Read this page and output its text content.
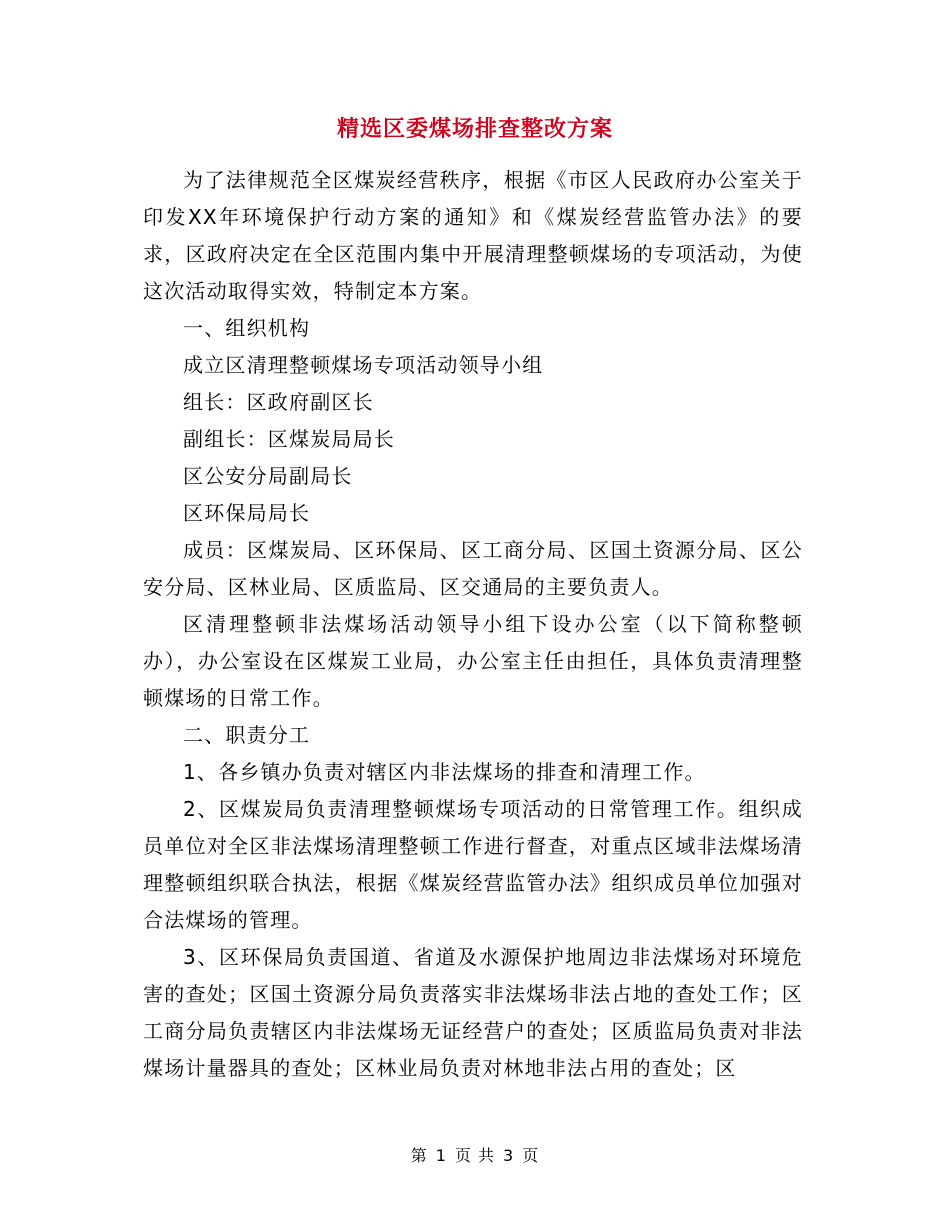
精选区委煤场排查整改方案

为了法律规范全区煤炭经营秩序，根据《市区人民政府办公室关于印发XX年环境保护行动方案的通知》和《煤炭经营监管办法》的要求，区政府决定在全区范围内集中开展清理整顿煤场的专项活动，为使这次活动取得实效，特制定本方案。

一、组织机构

成立区清理整顿煤场专项活动领导小组

组长：区政府副区长

副组长：区煤炭局局长

区公安分局副局长

区环保局局长

成员：区煤炭局、区环保局、区工商分局、区国土资源分局、区公安分局、区林业局、区质监局、区交通局的主要负责人。

区清理整顿非法煤场活动领导小组下设办公室（以下简称整顿办），办公室设在区煤炭工业局，办公室主任由担任，具体负责清理整顿煤场的日常工作。

二、职责分工

1、各乡镇办负责对辖区内非法煤场的排查和清理工作。

2、区煤炭局负责清理整顿煤场专项活动的日常管理工作。组织成员单位对全区非法煤场清理整顿工作进行督查，对重点区域非法煤场清理整顿组织联合执法，根据《煤炭经营监管办法》组织成员单位加强对合法煤场的管理。

3、区环保局负责国道、省道及水源保护地周边非法煤场对环境危害的查处；区国土资源分局负责落实非法煤场非法占地的查处工作；区工商分局负责辖区内非法煤场无证经营户的查处；区质监局负责对非法煤场计量器具的查处；区林业局负责对林地非法占用的查处；区

第 1 页 共 3 页
